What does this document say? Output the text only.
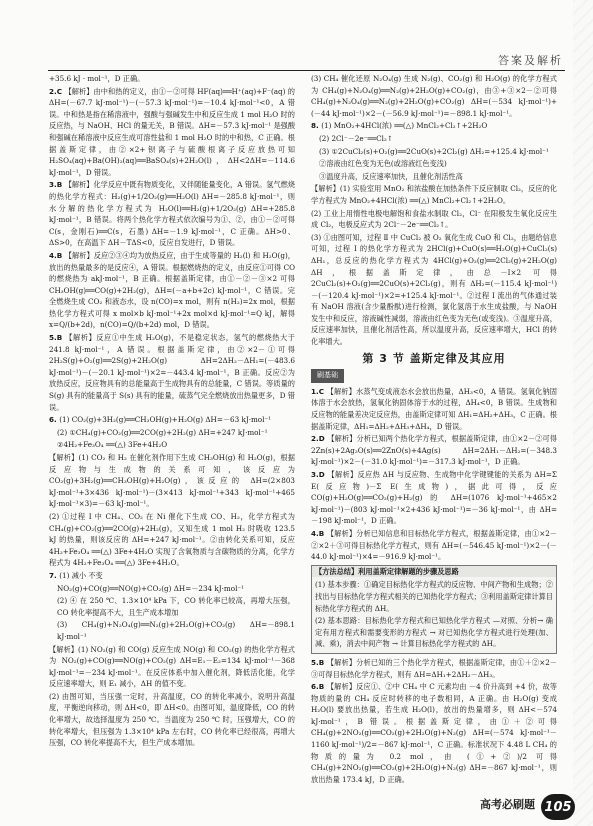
答案及解析

+35.6 kJ · mol⁻¹，D 正确。

2.C 【解析】由中和热的定义，由①－②可得 HF(aq)══H⁺(aq)+F⁻(aq) 的 ΔH=(－67.7 kJ·mol⁻¹)－(－57.3 kJ·mol⁻¹)=－10.4 kJ·mol⁻¹<0，A 错误。中和热是指在稀溶液中，强酸与强碱发生中和反应生成 1 mol H₂O 时的反应热，与 NaOH、HCl 的量无关，B 错误。ΔH=－57.3 kJ·mol⁻¹ 是强酸和强碱在稀溶液中反应生成可溶性盐和 1 mol H₂O 时的中和热，C 正确。根据盖斯定律，由②×2+钡离子与硫酸根离子反应放热可知 H₂SO₄(aq)+Ba(OH)₂(aq)══BaSO₄(s)+2H₂O(l)，ΔH<2ΔH=－114.6 kJ·mol⁻¹，D 错误。

3.B 【解析】化学反应中既有物质变化，又伴随能量变化，A 错误。氢气燃烧的热化学方程式：H₂(g)+1/2O₂(g)══H₂O(l) ΔH=－285.8 kJ·mol⁻¹，则水分解的热化学方程式为 H₂O(l)══H₂(g)+1/2O₂(g) ΔH=+285.8 kJ·mol⁻¹，B 错误。将两个热化学方程式依次编号为①、②，由①－②可得 C(s，金刚石)══C(s，石墨) ΔH=－1.9 kJ·mol⁻¹，C 正确。ΔH>0、ΔS>0，在高温下 ΔH－TΔS<0，反应自发进行，D 错误。

4.B 【解析】反应②③④均为放热反应，由于生成等量的 H₂(l) 和 H₂O(g)，放出的热量最多的是反应④，A 错误。根据燃烧热的定义，由反应①可得 CO 的燃烧热为 akJ·mol⁻¹，B 正确。根据盖斯定律，由①－②－③×2 可得 CH₃OH(g)══CO(g)+2H₂(g)，ΔH=(－a+b+2c) kJ·mol⁻¹，C 错误。完全燃烧生成 CO₂ 和液态水，设 n(CO)=x mol，则有 n(H₂)=2x mol，根据热化学方程式可得 x mol×b kJ·mol⁻¹+2x mol×d kJ·mol⁻¹=Q kJ，解得 x=Q/(b+2d)，n(CO)=Q/(b+2d) mol，D 错误。

5.B 【解析】反应①中生成 H₂O(g)，不是稳定状态，氢气的燃烧热大于 241.8 kJ·mol⁻¹，A 错误。根据盖斯定律，由②×2－①可得 2H₂S(g)+O₂(g)══2S(g)+2H₂O(g) ΔH=2ΔH₂－ΔH₁=(－483.6 kJ·mol⁻¹)－(－20.1 kJ·mol⁻¹)×2=－443.4 kJ·mol⁻¹，B 正确。反应②为放热反应，反应物具有的总能量高于生成物具有的总能量，C 错误。等质量的 S(g) 具有的能量高于 S(s) 具有的能量，硫蒸气完全燃烧放出热量更多，D 错误。

6. (1) CO₂(g)+3H₂(g)══CH₃OH(g)+H₂O(g) ΔH=－63 kJ·mol⁻¹

(2) ①CH₄(g)+CO₂(g)══2CO(g)+2H₂(g) ΔH=+247 kJ·mol⁻¹

②4H₂+Fe₃O₄ ══(△) 3Fe+4H₂O

【解析】(1) CO₂ 和 H₂ 在催化剂作用下生成 CH₃OH(g) 和 H₂O(g)，根据反应物与生成物的关系可知，该反应为 CO₂(g)+3H₂(g)══CH₃OH(g)+H₂O(g)，该反应的 ΔH=(2×803 kJ·mol⁻¹+3×436 kJ·mol⁻¹)－(3×413 kJ·mol⁻¹+343 kJ·mol⁻¹+465 kJ·mol⁻¹×3)=－63 kJ·mol⁻¹。

(2) ①过程 I 中 CH₄、CO₂ 在 Ni 催化下生成 CO、H₂，化学方程式为 CH₄(g)+CO₂(g)══2CO(g)+2H₂(g)，又知生成 1 mol H₂ 时吸收 123.5 kJ 的热量，则该反应的 ΔH=+247 kJ·mol⁻¹。②由转化关系可知，反应 4H₂+Fe₃O₄ ══(△) 3Fe+4H₂O 实现了含氧物质与含碳物质的分离，化学方程式为 4H₂+Fe₃O₄ ══(△) 3Fe+4H₂O。

7. (1) 减小 不变

NO₂(g)+CO(g)══NO(g)+CO₂(g) ΔH=－234 kJ·mol⁻¹

(2) ④ 在 250 ℃、1.3×10⁴ kPa 下，CO 转化率已较高，再增大压强，CO 转化率提高不大，且生产成本增加

(3) CH₄(g)+N₂O₄(g)══N₂(g)+2H₂O(g)+CO₂(g) ΔH=－898.1 kJ·mol⁻¹

【解析】(1) NO₂(g) 和 CO(g) 反应生成 NO(g) 和 CO₂(g) 的热化学方程式为 NO₂(g)+CO(g)══NO(g)+CO₂(g) ΔH=E₁－E₂=134 kJ·mol⁻¹－368 kJ·mol⁻¹=－234 kJ·mol⁻¹。在反应体系中加入催化剂，降低活化能，化学反应速率增大，则 E₁ 减小，ΔH 的值不变。

(2) 由图可知，当压强一定时，升高温度，CO 的转化率减小，说明升高温度，平衡逆向移动，则 ΔH<0，即 ΔH<0。由图可知，温度降低，CO 的转化率增大，故选择温度为 250 ℃。当温度为 250 ℃ 时，压强增大，CO 的转化率增大，但压强为 1.3×10⁴ kPa 左右时，CO 转化率已经很高，再增大压强，CO 转化率提高不大，但生产成本增加。

(3) CH₄ 催化还原 N₂O₄(g) 生成 N₂(g)、CO₂(g) 和 H₂O(g) 的化学方程式为 CH₄(g)+N₂O₄(g)══N₂(g)+2H₂O(g)+CO₂(g)，由③+③×2－②可得 CH₄(g)+N₂O₄(g)══N₂(g)+2H₂O(g)+CO₂(g) ΔH=(－534 kJ·mol⁻¹)+(－44 kJ·mol⁻¹)×2－(－56.9 kJ·mol⁻¹)=－898.1 kJ·mol⁻¹。

8. (1) MnO₂+4HCl(浓) ══(△) MnCl₂+Cl₂↑+2H₂O

(2) 2Cl⁻－2e⁻══Cl₂↑

(3) ①2CuCl₂(s)+O₂(g)══2CuO(s)+2Cl₂(g) ΔH₂=+125.4 kJ·mol⁻¹

②溶液由红色变为无色(或溶液红色变浅)

③温度升高，反应速率加快，且催化剂活性高

【解析】(1) 实验室用 MnO₂ 和浓盐酸在加热条件下反应制取 Cl₂，反应的化学方程式为 MnO₂+4HCl(浓) ══(△) MnCl₂+Cl₂↑+2H₂O。

(2) 工业上用惰性电极电解饱和食盐水制取 Cl₂，Cl⁻ 在阳极发生氧化反应生成 Cl₂，电极反应式为 2Cl⁻－2e⁻══Cl₂↑。

(3) ①由图可知，过程 Ⅱ 中 CuCl₂ 被 O₂ 氧化生成 CuO 和 Cl₂，由题给信息可知，过程 I 的热化学方程式为 2HCl(g)+CuO(s)══H₂O(g)+CuCl₂(s) ΔH₁，总反应的热化学方程式为 4HCl(g)+O₂(g)══2Cl₂(g)+2H₂O(g) ΔH，根据盖斯定律，由总－I×2 可得 2CuCl₂(s)+O₂(g)══2CuO(s)+2Cl₂(g)，则有 ΔH₂=(－115.4 kJ·mol⁻¹)－(－120.4 kJ·mol⁻¹)×2=+125.4 kJ·mol⁻¹。②过程 I 流出的气体通过装有 NaOH 溶液(含少量酚酞)进行检测，氯化氢溶于水生成盐酸，与 NaOH 发生中和反应，溶液碱性减弱，溶液由红色变为无色(或变浅)。③温度升高，反应速率加快，且催化剂活性高，所以温度升高，反应速率增大，HCl 的转化率增大。

第 3 节 盖斯定律及其应用
刷基础

1.C 【解析】水蒸气变成液态水会放出热量，ΔH₃<0，A 错误。氢氧化钠固体溶于水会放热，氢氧化钠固体溶于水的过程，ΔH₄<0，B 错误。生成物和反应物的能量差决定反应热，由盖斯定律可知 ΔH₁=ΔH₂+ΔH₃，C 正确。根据盖斯定律，ΔH₁=ΔH₂+ΔH₃+ΔH₄，D 错误。

2.D 【解析】分析已知两个热化学方程式，根据盖斯定律，由①×2－②可得 2Zn(s)+2Ag₂O(s)══2ZnO(s)+4Ag(s) ΔH=2ΔH₁－ΔH₂=(－348.3 kJ·mol⁻¹)×2－(－31.0 kJ·mol⁻¹)=－317.3 kJ·mol⁻¹，D 正确。

3.D 【解析】反应热 ΔH 与反应物、生成物中化学键键能的关系为 ΔH=Σ E(反应物)－Σ E(生成物)，据此可得，反应 CO(g)+H₂O(g)══CO₂(g)+H₂(g) 的 ΔH=(1076 kJ·mol⁻¹+465×2 kJ·mol⁻¹)－(803 kJ·mol⁻¹×2+436 kJ·mol⁻¹)=－36 kJ·mol⁻¹，由 ΔH=－198 kJ·mol⁻¹，D 正确。

4.B 【解析】分析已知信息和目标热化学方程式，根据盖斯定律，由①×2－②×2＋③可得目标热化学方程式，则有 ΔH=(－546.45 kJ·mol⁻¹)×2－(－44.0 kJ·mol⁻¹)×4=－916.9 kJ·mol⁻¹。

【方法总结】利用盖斯定律解题的步骤及思路

(1) 基本步骤：①确定目标热化学方程式的反应物、中间产物和生成物；②找出与目标热化学方程式相关的已知热化学方程式；③利用盖斯定律计算目标热化学方程式的 ΔH。

(2) 基本思路：目标热化学方程式和已知热化学方程式 —对照、分析→ 确定有用方程式和需要变形的方程式 → 对已知热化学方程式进行处理(加、减、乘)，消去中间产物 → 计算目标热化学方程式的 ΔH。

5.B 【解析】分析已知的三个热化学方程式，根据盖斯定律，由①＋②×2－③可得目标热化学方程式，则有 ΔH=ΔH₁+2ΔH₂－ΔH₃。

6.B 【解析】反应①、②中 CH₄ 中 C 元素均由 －4 价升高到 +4 价，故等物质的量的 CH₄ 反应时转移的电子数相同，A 正确。由 H₂O(g) 变成 H₂O(l) 要放出热量，若生成 H₂O(l)，放出的热量增多，则 ΔH<－574 kJ·mol⁻¹，B 错误。根据盖斯定律，由①＋②可得 CH₄(g)+2NO₂(g)══CO₂(g)+2H₂O(g)+N₂(g) ΔH=(－574 kJ·mol⁻¹－1160 kJ·mol⁻¹)/2=－867 kJ·mol⁻¹，C 正确。标准状况下 4.48 L CH₄ 的物质的量为 0.2 mol，由 (①+②)/2 可得 CH₄(g)+2NO₂(g)══CO₂(g)+2H₂O(g)+N₂(g) ΔH=－867 kJ·mol⁻¹，则放出热量 173.4 kJ，D 正确。

高考必刷题 105
